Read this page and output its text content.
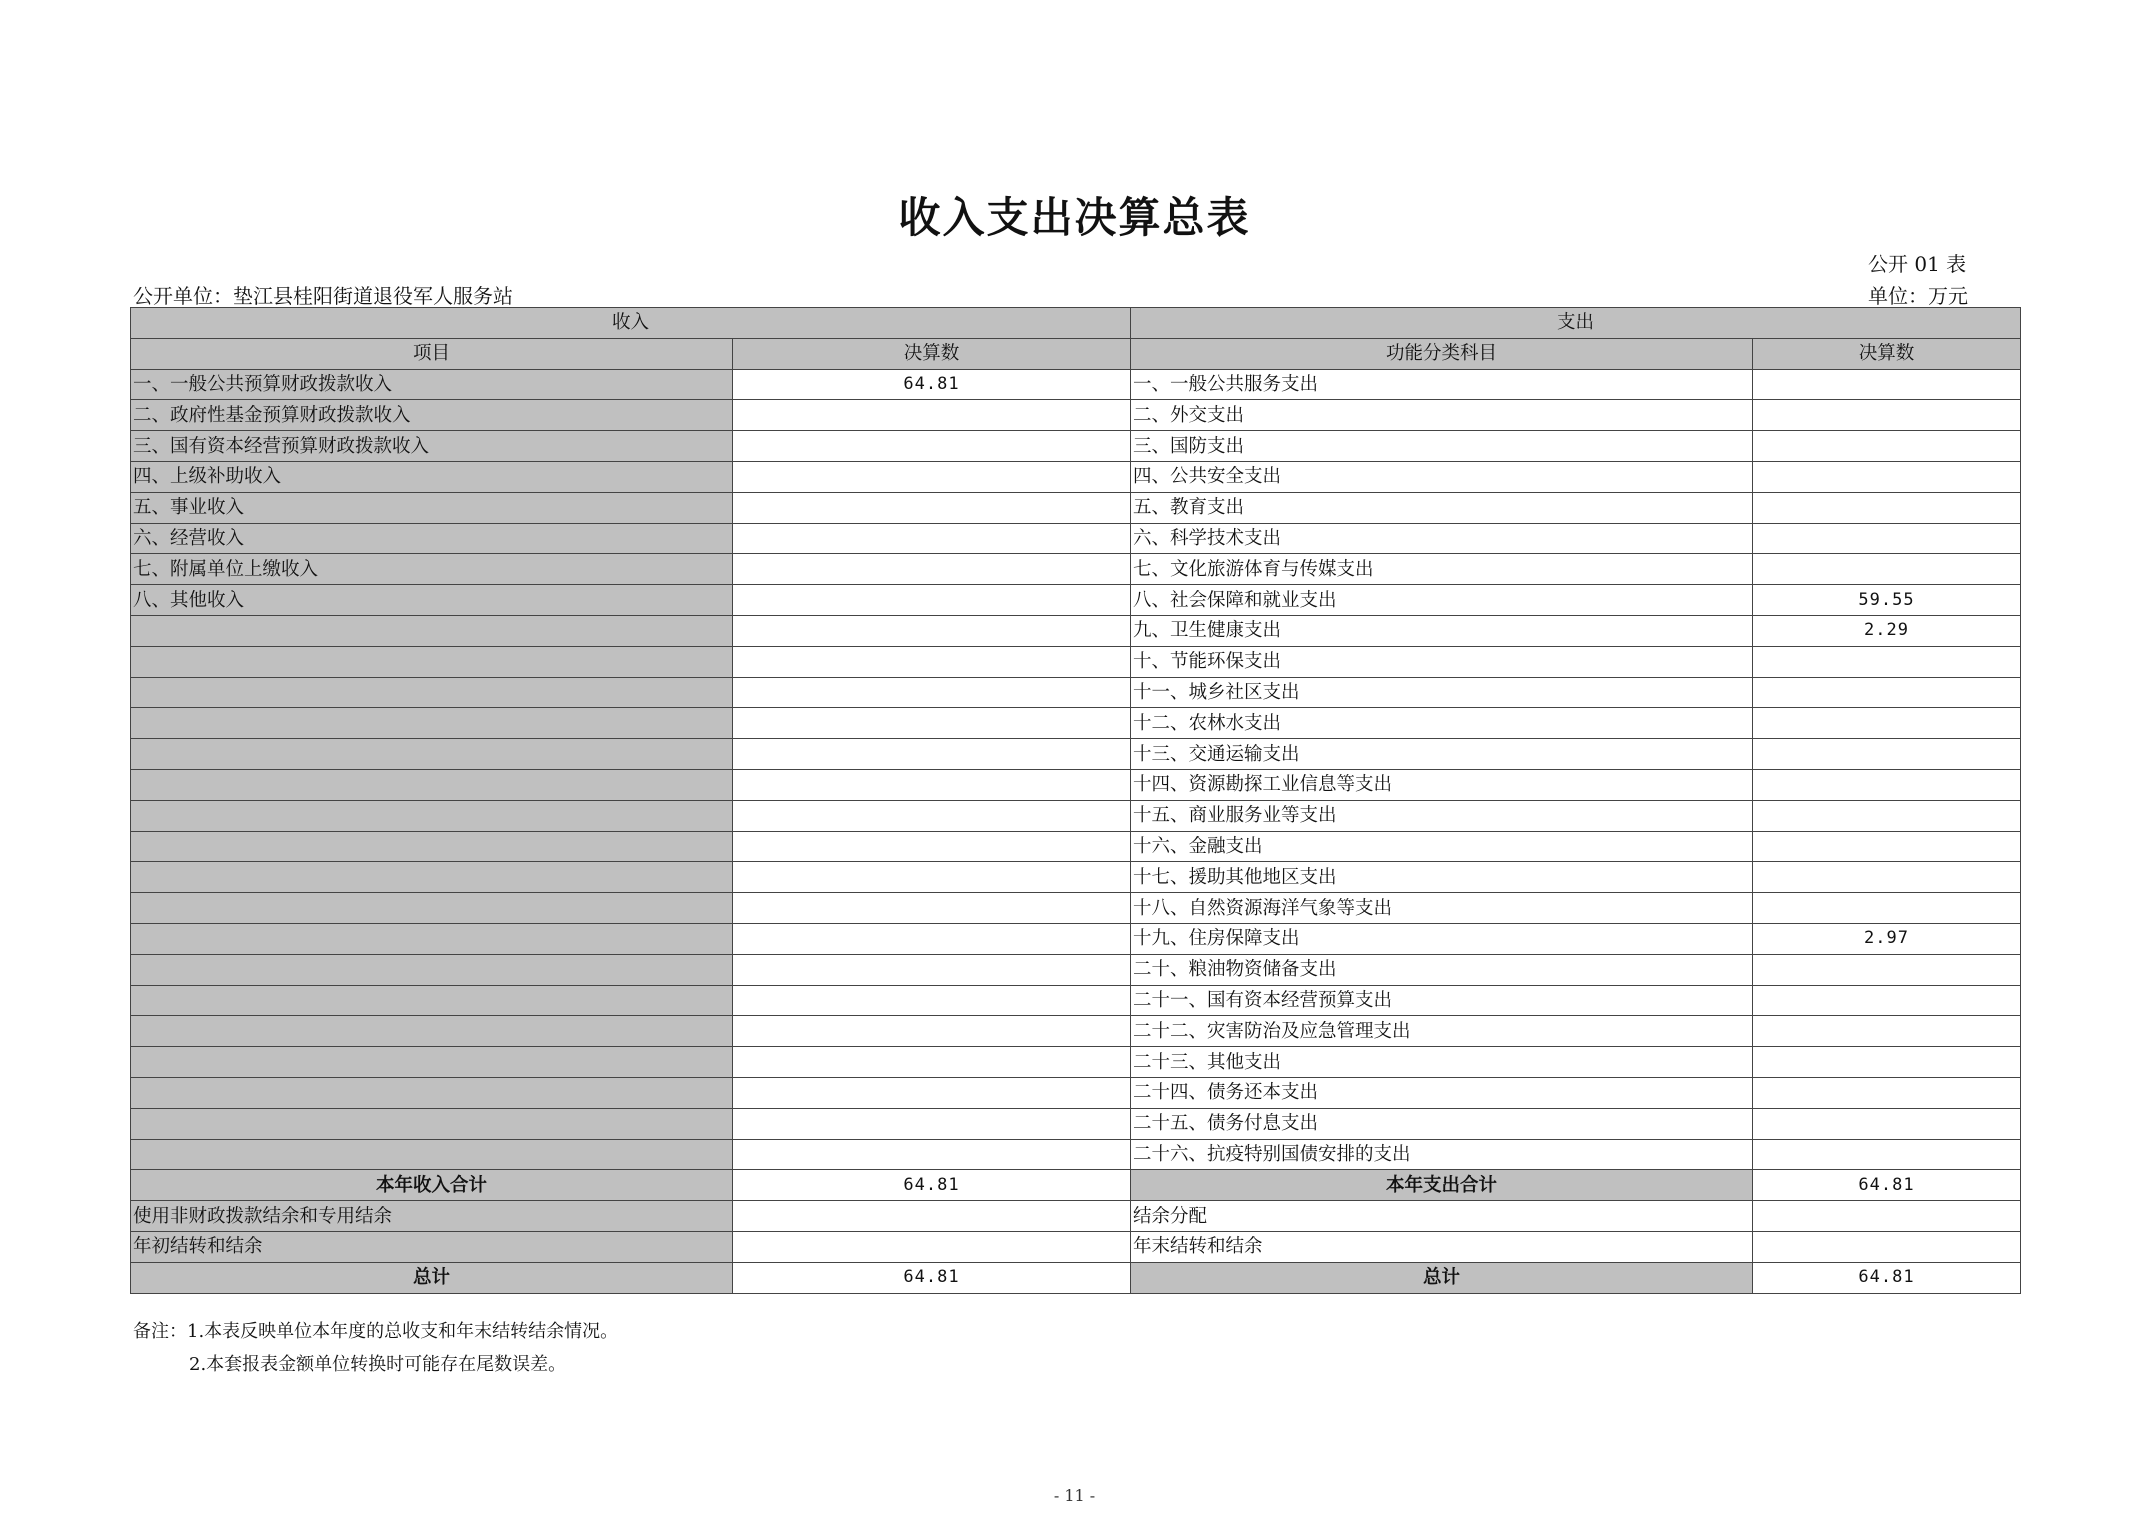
收入支出决算总表
公开 01 表
公开单位：垫江县桂阳街道退役军人服务站	单位：万元
收入		支出	
项目	决算数	功能分类科目	决算数
一、一般公共预算财政拨款收入	64.81	一、一般公共服务支出	
二、政府性基金预算财政拨款收入		二、外交支出	
三、国有资本经营预算财政拨款收入		三、国防支出	
四、上级补助收入		四、公共安全支出	
五、事业收入		五、教育支出	
六、经营收入		六、科学技术支出	
七、附属单位上缴收入		七、文化旅游体育与传媒支出	
八、其他收入		八、社会保障和就业支出	59.55
		九、卫生健康支出	2.29
		十、节能环保支出	
		十一、城乡社区支出	
		十二、农林水支出	
		十三、交通运输支出	
		十四、资源勘探工业信息等支出	
		十五、商业服务业等支出	
		十六、金融支出	
		十七、援助其他地区支出	
		十八、自然资源海洋气象等支出	
		十九、住房保障支出	2.97
		二十、粮油物资储备支出	
		二十一、国有资本经营预算支出	
		二十二、灾害防治及应急管理支出	
		二十三、其他支出	
		二十四、债务还本支出	
		二十五、债务付息支出	
		二十六、抗疫特别国债安排的支出	
本年收入合计	64.81	本年支出合计	64.81
使用非财政拨款结余和专用结余		结余分配	
年初结转和结余		年末结转和结余	
总计	64.81	总计	64.81
备注：1.本表反映单位本年度的总收支和年末结转结余情况。
2.本套报表金额单位转换时可能存在尾数误差。
- 11 -
